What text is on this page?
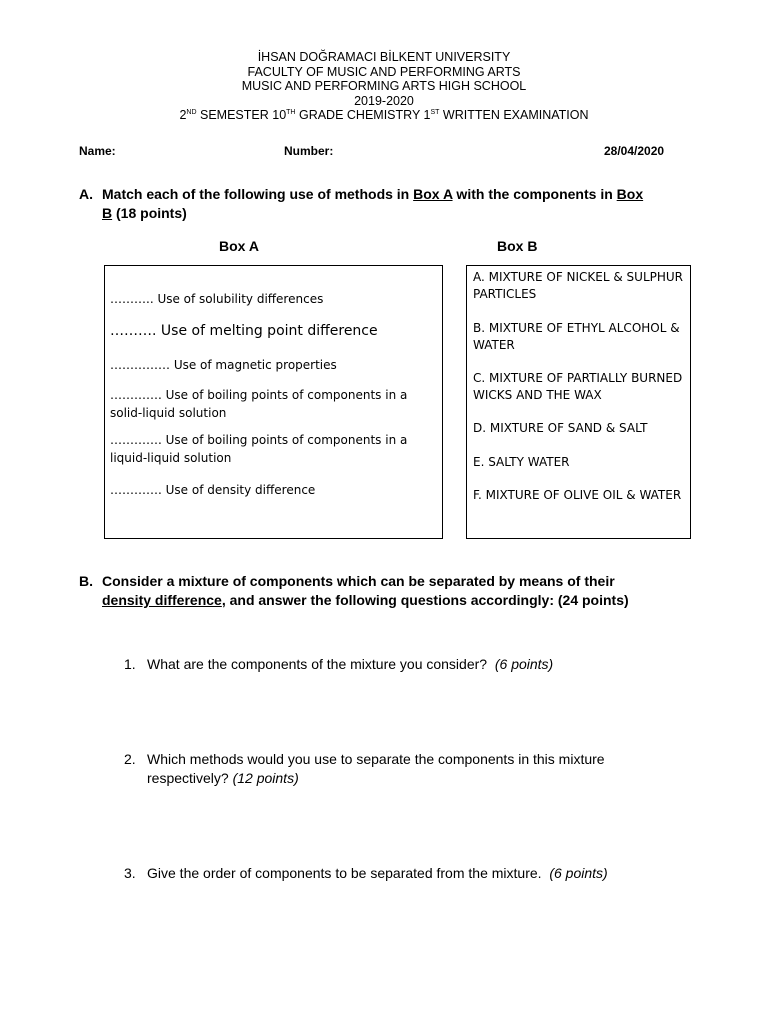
İHSAN DOĞRAMACI BİLKENT UNIVERSITY
FACULTY OF MUSIC AND PERFORMING ARTS
MUSIC AND PERFORMING ARTS HIGH SCHOOL
2019-2020
2ND SEMESTER 10TH GRADE CHEMISTRY 1ST WRITTEN EXAMINATION
Name:	Number:	28/04/2020
A. Match each of the following use of methods in Box A with the components in Box
B (18 points)
Box A	Box B
……….. Use of solubility differences
………. Use of melting point difference
…………… Use of magnetic properties
…………. Use of boiling points of components in a solid-liquid solution
…………. Use of boiling points of components in a liquid-liquid solution
…………. Use of density difference
A. MIXTURE OF NICKEL & SULPHUR PARTICLES
B. MIXTURE OF ETHYL ALCOHOL & WATER
C. MIXTURE OF PARTIALLY BURNED WICKS AND THE WAX
D. MIXTURE OF SAND & SALT
E. SALTY WATER
F. MIXTURE OF OLIVE OIL & WATER
B. Consider a mixture of components which can be separated by means of their
density difference, and answer the following questions accordingly: (24 points)
1. What are the components of the mixture you consider? (6 points)
2. Which methods would you use to separate the components in this mixture respectively? (12 points)
3. Give the order of components to be separated from the mixture. (6 points)
